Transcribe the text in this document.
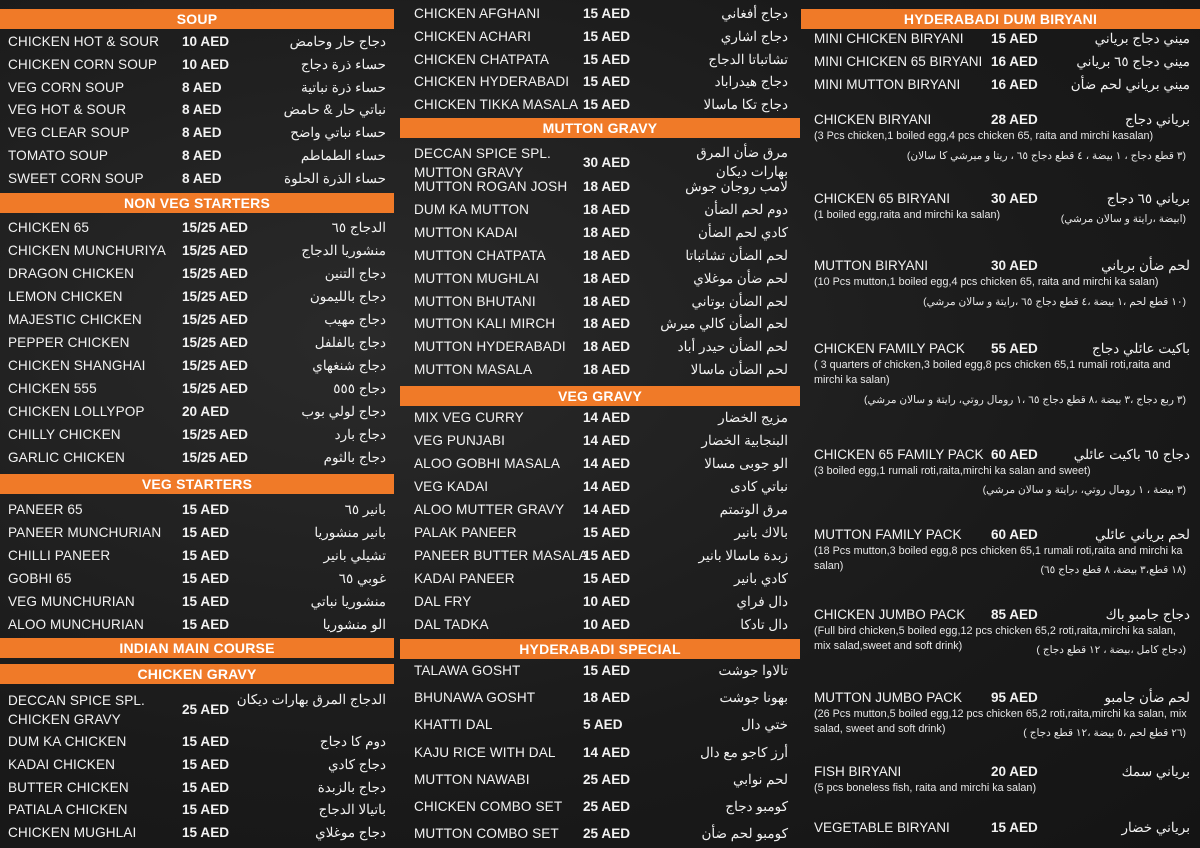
SOUP
CHICKEN HOT & SOUR 10 AED	دجاج حار وحامض
CHICKEN CORN SOUP 10 AED	حساء ذرة دجاج
VEG CORN SOUP	8 AED	حساء ذرة نباتية
VEG HOT & SOUR	8 AED	نباتي حار & حامض
VEG CLEAR SOUP	8 AED	حساء نباتي واضح
TOMATO SOUP	8 AED	حساء الطماطم
SWEET CORN SOUP	8 AED	حساء الذرة الحلوة
NON VEG STARTERS
CHICKEN 65	15/25 AED	الدجاج ٦٥
CHICKEN MUNCHURIYA 15/25 AED	منشوريا الدجاج
DRAGON CHICKEN	15/25 AED	دجاج التنين
LEMON CHICKEN	15/25 AED	دجاج بالليمون
MAJESTIC CHICKEN	15/25 AED	دجاج مهيب
PEPPER CHICKEN	15/25 AED	دجاج بالفلفل
CHICKEN SHANGHAI	15/25 AED	دجاج شنغهاي
CHICKEN 555	15/25 AED	دجاج ٥٥٥
CHICKEN LOLLYPOP	20 AED	دجاج لولي بوب
CHILLY CHICKEN	15/25 AED	دجاج بارد
GARLIC CHICKEN	15/25 AED	دجاج بالثوم
VEG STARTERS
PANEER 65	15 AED	بانير ٦٥
PANEER MUNCHURIAN 15 AED	بانير منشوريا
CHILLI PANEER	15 AED	تشيلي بانير
GOBHI 65	15 AED	غوبي ٦٥
VEG MUNCHURIAN	15 AED	منشوريا نباتي
ALOO MUNCHURIAN	15 AED	الو منشوريا
INDIAN MAIN COURSE
CHICKEN GRAVY
DECCAN SPICE SPL.
CHICKEN GRAVY
25 AED
الدجاج المرق بهارات ديكان
DUM KA CHICKEN	15 AED	دوم كا دجاج
KADAI CHICKEN	15 AED	دجاج كادي
BUTTER CHICKEN	15 AED	دجاج بالزبدة
PATIALA CHICKEN	15 AED	باتيالا الدجاج
CHICKEN MUGHLAI	15 AED	دجاج موغلاي
CHICKEN AFGHANI	15 AED	دجاج أفغاني
CHICKEN ACHARI	15 AED	دجاج اشاري
CHICKEN CHATPATA 15 AED	تشاتباتا الدجاج
CHICKEN HYDERABADI 15 AED	دجاج هيدراباد
CHICKEN TIKKA MASALA 15 AED	دجاج تكا ماسالا
MUTTON GRAVY
DECCAN SPICE SPL.
MUTTON GRAVY
30 AED
مرق ضأن المرق
بهارات ديكان
MUTTON ROGAN JOSH 18 AED	لامب روجان جوش
DUM KA MUTTON	18 AED	دوم لحم الضأن
MUTTON KADAI	18 AED	كادي لحم الضأن
MUTTON CHATPATA	18 AED	لحم الضأن تشاتباتا
MUTTON MUGHLAI	18 AED	لحم ضأن موغلاي
MUTTON BHUTANI	18 AED	لحم الضأن بوتاني
MUTTON KALI MIRCH 18 AED لحم الضأن كالي ميرش
MUTTON HYDERABADI 18 AED	لحم الضأن حيدر أباد
MUTTON MASALA	18 AED	لحم الضأن ماسالا
VEG GRAVY
MIX VEG CURRY	14 AED	مزيج الخضار
VEG PUNJABI	14 AED	البنجابية الخضار
ALOO GOBHI MASALA 14 AED	الو جوبى مسالا
VEG KADAI	14 AED	نباتي كادى
ALOO MUTTER GRAVY 14 AED	مرق الوتمتم
PALAK PANEER	15 AED	بالاك بانير
PANEER BUTTER MASALA
15 AED	زبدة ماسالا بانير
KADAI PANEER	15 AED	كادي بانير
DAL FRY	10 AED	دال فراي
DAL TADKA	10 AED	دال تادكا
HYDERABADI SPECIAL
TALAWA GOSHT	15 AED	تالاوا جوشت
BHUNAWA GOSHT	18 AED	بهونا جوشت
KHATTI DAL	5 AED	ختي دال
KAJU RICE WITH DAL 14 AED	أرز كاجو مع دال
MUTTON NAWABI	25 AED	لحم نوابي
CHICKEN COMBO SET 25 AED	كومبو دجاج
MUTTON COMBO SET 25 AED	كومبو لحم ضأن
HYDERABADI DUM BIRYANI
MINI CHICKEN BIRYANI 15 AED	ميني دجاج برياني
MINI CHICKEN 65 BIRYANI 16 AED	ميني دجاج ٦٥ برياني
MINI MUTTON BIRYANI 16 AED ميني برياني لحم ضأن
CHICKEN BIRYANI	28 AED	برياني دجاج
(3 Pcs chicken,1 boiled egg,4 pcs chicken 65, raita and mirchi kasalan)
(٣ قطع دجاج ، ١ بيضة ، ٤ قطع دجاج ٦٥ ، ريتا و ميرشي كا سالان)
CHICKEN 65 BIRYANI	30 AED	برياني ٦٥ دجاج
(1 boiled egg,raita and mirchi ka salan)	(ابيضة ،رايتة و سالان مرشي)
MUTTON BIRYANI	30 AED	لحم ضأن برياني
(10 Pcs mutton,1 boiled egg,4 pcs chicken 65, raita and mirchi ka salan)
(١٠ قطع لحم ،١ بيضة ،٤ قطع دجاج ٦٥ ،رايتة و سالان مرشي)
CHICKEN FAMILY PACK 55 AED	باكيت عائلي دجاج
( 3 quarters of chicken,3 boiled egg,8 pcs chicken 65,1 rumali roti,raita and mirchi ka salan)
(٣ ربع دجاج ،٣ بيضة ،٨ قطع دجاج ٦٥ ،١ رومال روتي، رايتة و سالان مرشي)
CHICKEN 65 FAMILY PACK 60 AED	دجاج ٦٥ باكيت عائلي
(3 boiled egg,1 rumali roti,raita,mirchi ka salan and sweet)
(٣ بيضة ، ١ رومال روتي، ،رايتة و سالان مرشي)
MUTTON FAMILY PACK 60 AED	لحم برياني عائلي
(18 Pcs mutton,3 boiled egg,8 pcs chicken 65,1 rumali roti,raita and mirchi ka salan)	(١٨ قطع،٣ بيضة، ٨ قطع دجاج ٦٥)
CHICKEN JUMBO PACK 85 AED	دجاج جامبو باك
(Full bird chicken,5 boiled egg,12 pcs chicken 65,2 roti,raita,mirchi ka salan, mix salad,sweet and soft drink)	(دجاج كامل ،بيضة ، ١٢ قطع دجاج )
MUTTON JUMBO PACK 95 AED	لحم ضأن جامبو
(26 Pcs mutton,5 boiled egg,12 pcs chicken 65,2 roti,raita,mirchi ka salan, mix salad, sweet and soft drink)	(٢٦ قطع لحم ،٥ بيضة ،١٢ قطع دجاج )
FISH BIRYANI	20 AED	برياني سمك
(5 pcs boneless fish, raita and mirchi ka salan)
VEGETABLE BIRYANI	15 AED	برياني خضار
